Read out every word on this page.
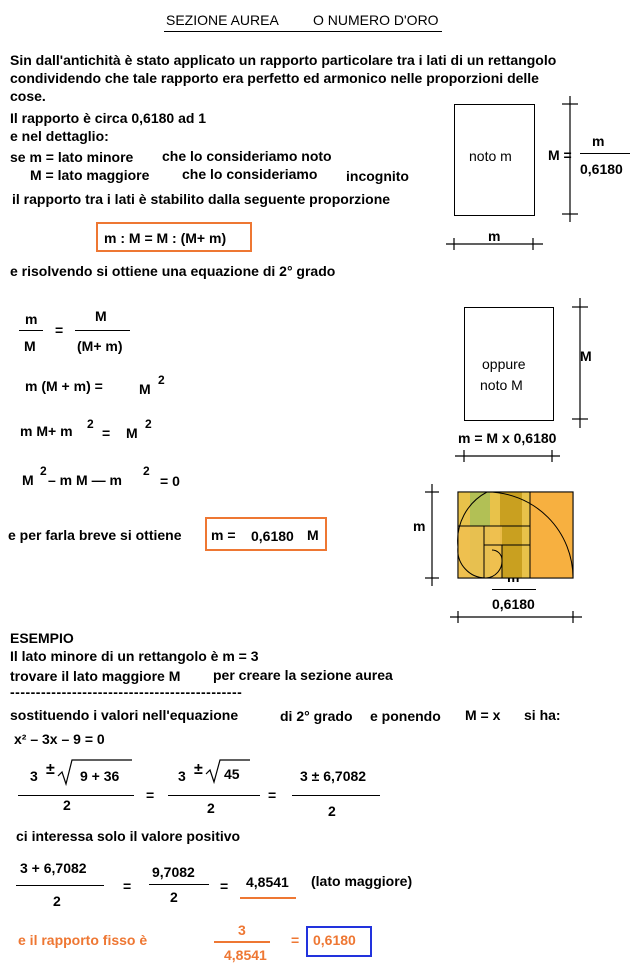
SEZIONE AUREA O NUMERO D'ORO
Sin dall'antichità è stato applicato un rapporto particolare tra i lati di un rettangolo
condividendo che tale rapporto era perfetto ed armonico nelle proporzioni delle
cose.
Il rapporto è circa 0,6180 ad 1
e nel dettaglio:
se m = lato minore che lo consideriamo noto
M = lato maggiore che lo consideriamo incognito
il rapporto tra i lati è stabilito dalla seguente proporzione
m : M = M : (M+ m)
e risolvendo si ottiene una equazione di 2° grado
noto m
m
M =
m
0,6180
oppure
noto M
M
m = M x 0,6180
m
0,6180
m
M
=
M
(M+ m)
m (M + m) =	M
2
m M+ m 2
= M
2
M
2
– m M — m
2
= 0
e per farla breve si ottiene m = 0,6180 M
ESEMPIO
Il lato minore di un rettangolo è m = 3
trovare il lato maggiore M per creare la sezione aurea
---------------------------------------------
sostituendo i valori nell'equazione	di 2° grado e ponendo M = x si ha:
x² – 3x – 9 = 0
3 ± 9 + 36
2
=
3 ± 45
2
=
3 ± 6,7082
2
ci interessa solo il valore positivo
3 + 6,7082
2
=
9,7082
2
= 4,8541 (lato maggiore)
e il rapporto fisso è
3
4,8541
= 0,6180
